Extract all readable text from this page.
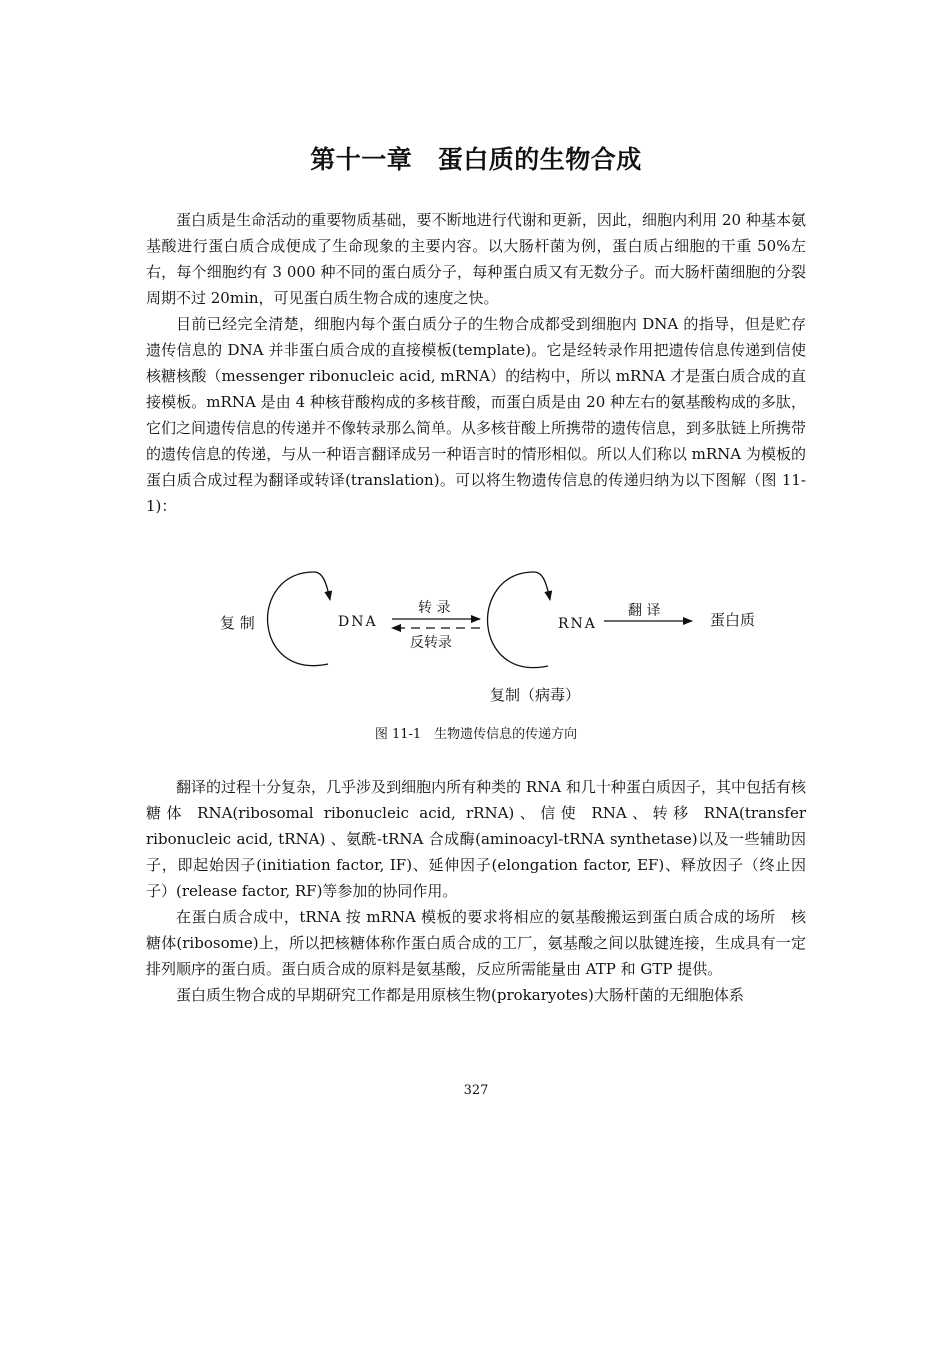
第十一章　蛋白质的生物合成

蛋白质是生命活动的重要物质基础，要不断地进行代谢和更新，因此，细胞内利用 20 种基本氨基酸进行蛋白质合成便成了生命现象的主要内容。以大肠杆菌为例，蛋白质占细胞的干重 50%左右，每个细胞约有 3 000 种不同的蛋白质分子，每种蛋白质又有无数分子。而大肠杆菌细胞的分裂周期不过 20min，可见蛋白质生物合成的速度之快。

目前已经完全清楚，细胞内每个蛋白质分子的生物合成都受到细胞内 DNA 的指导，但是贮存遗传信息的 DNA 并非蛋白质合成的直接模板(template)。它是经转录作用把遗传信息传递到信使核糖核酸（messenger ribonucleic acid, mRNA）的结构中，所以 mRNA 才是蛋白质合成的直接模板。mRNA 是由 4 种核苷酸构成的多核苷酸，而蛋白质是由 20 种左右的氨基酸构成的多肽，它们之间遗传信息的传递并不像转录那么简单。从多核苷酸上所携带的遗传信息，到多肽链上所携带的遗传信息的传递，与从一种语言翻译成另一种语言时的情形相似。所以人们称以 mRNA 为模板的蛋白质合成过程为翻译或转译(translation)。可以将生物遗传信息的传递归纳为以下图解（图 11-1)：

复 制	DNA
转 录
反转录
RNA
翻 译	蛋白质
复制（病毒）
图 11-1　生物遗传信息的传递方向

翻译的过程十分复杂，几乎涉及到细胞内所有种类的 RNA 和几十种蛋白质因子，其中包括有核糖体 RNA(ribosomal ribonucleic acid, rRNA)、信使 RNA、转移 RNA(transfer ribonucleic acid, tRNA) 、氨酰-tRNA 合成酶(aminoacyl-tRNA synthetase)以及一些辅助因子，即起始因子(initiation factor, IF)、延伸因子(elongation factor, EF)、释放因子（终止因子）(release factor, RF)等参加的协同作用。

在蛋白质合成中，tRNA 按 mRNA 模板的要求将相应的氨基酸搬运到蛋白质合成的场所　核糖体(ribosome)上，所以把核糖体称作蛋白质合成的工厂，氨基酸之间以肽键连接，生成具有一定排列顺序的蛋白质。蛋白质合成的原料是氨基酸，反应所需能量由 ATP 和 GTP 提供。

蛋白质生物合成的早期研究工作都是用原核生物(prokaryotes)大肠杆菌的无细胞体系

327
